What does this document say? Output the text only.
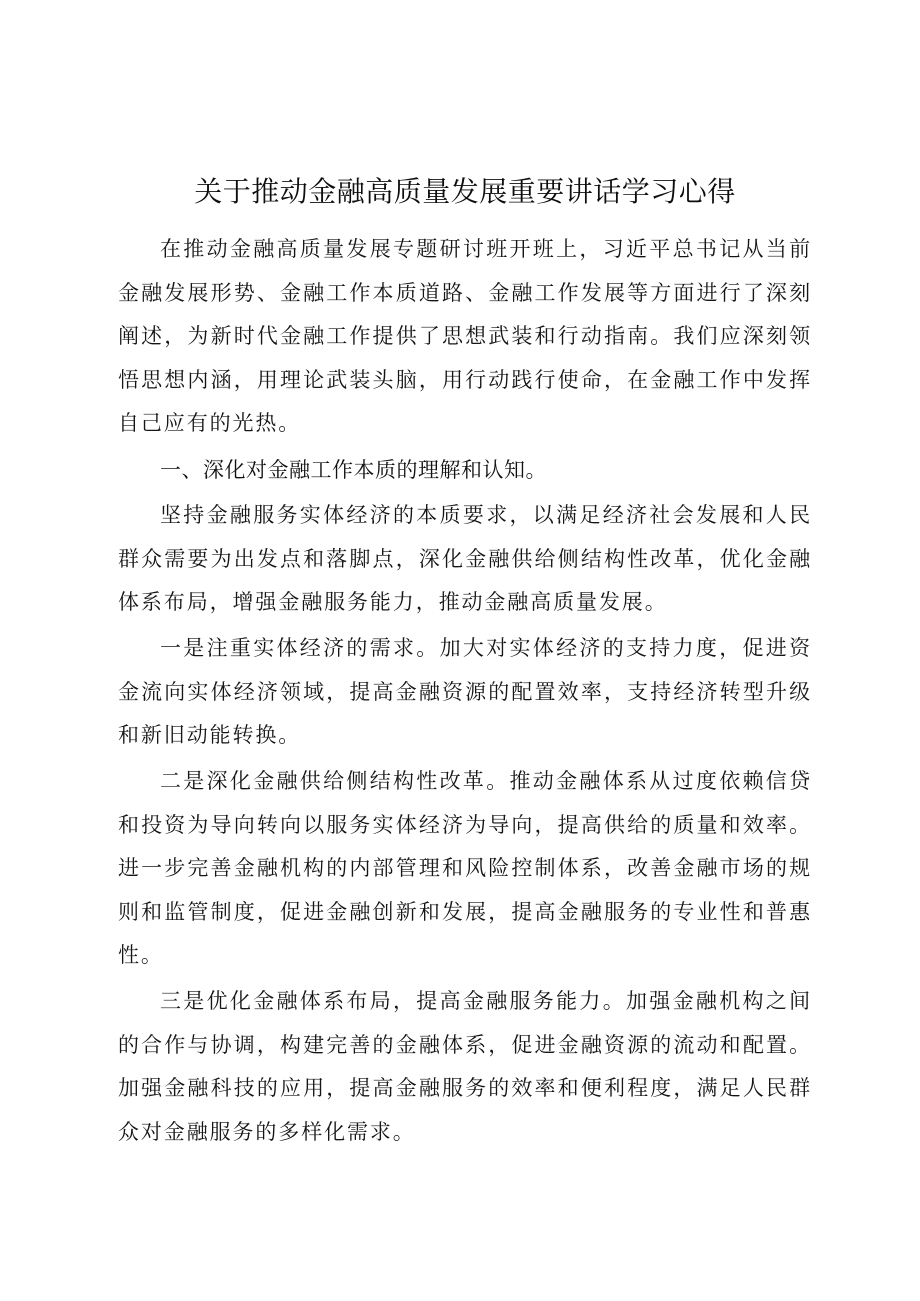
关于推动金融高质量发展重要讲话学习心得

在推动金融高质量发展专题研讨班开班上，习近平总书记从当前金融发展形势、金融工作本质道路、金融工作发展等方面进行了深刻阐述，为新时代金融工作提供了思想武装和行动指南。我们应深刻领悟思想内涵，用理论武装头脑，用行动践行使命，在金融工作中发挥自己应有的光热。

一、深化对金融工作本质的理解和认知。

坚持金融服务实体经济的本质要求，以满足经济社会发展和人民群众需要为出发点和落脚点，深化金融供给侧结构性改革，优化金融体系布局，增强金融服务能力，推动金融高质量发展。

一是注重实体经济的需求。加大对实体经济的支持力度，促进资金流向实体经济领域，提高金融资源的配置效率，支持经济转型升级和新旧动能转换。

二是深化金融供给侧结构性改革。推动金融体系从过度依赖信贷和投资为导向转向以服务实体经济为导向，提高供给的质量和效率。进一步完善金融机构的内部管理和风险控制体系，改善金融市场的规则和监管制度，促进金融创新和发展，提高金融服务的专业性和普惠性。

三是优化金融体系布局，提高金融服务能力。加强金融机构之间的合作与协调，构建完善的金融体系，促进金融资源的流动和配置。加强金融科技的应用，提高金融服务的效率和便利程度，满足人民群众对金融服务的多样化需求。
